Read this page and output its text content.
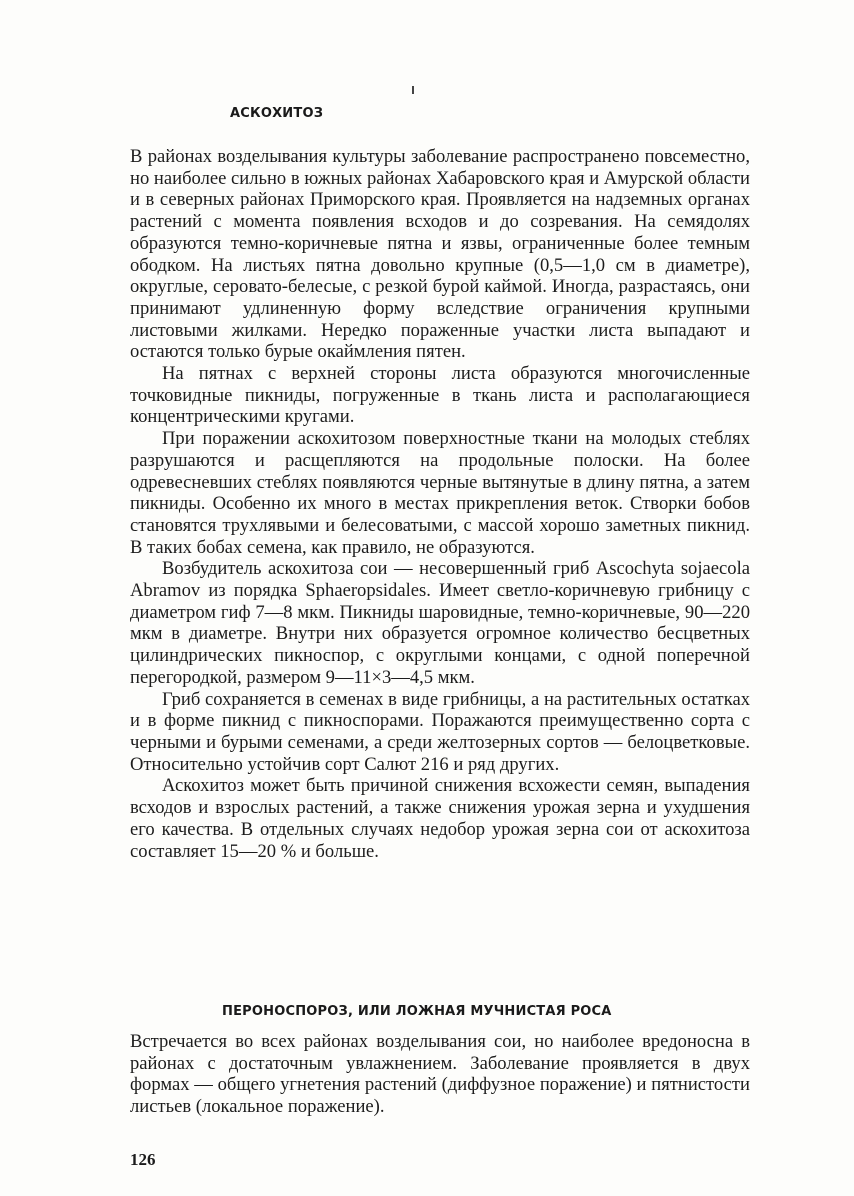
АСКОХИТОЗ

В районах возделывания культуры заболевание распространено повсеместно, но наиболее сильно в южных районах Хабаровского края и Амурской области и в северных районах Приморского края. Проявляется на надземных органах растений с момента появления всходов и до созревания. На семядолях образуются темно-коричневые пятна и язвы, ограниченные более темным ободком. На листьях пятна довольно крупные (0,5—1,0 см в диаметре), округлые, серовато-белесые, с резкой бурой каймой. Иногда, разрастаясь, они принимают удлиненную форму вследствие ограничения крупными листовыми жилками. Нередко пораженные участки листа выпадают и остаются только бурые окаймления пятен.

На пятнах с верхней стороны листа образуются многочисленные точковидные пикниды, погруженные в ткань листа и располагающиеся концентрическими кругами.

При поражении аскохитозом поверхностные ткани на молодых стеблях разрушаются и расщепляются на продольные полоски. На более одревесневших стеблях появляются черные вытянутые в длину пятна, а затем пикниды. Особенно их много в местах прикрепления веток. Створки бобов становятся трухлявыми и белесоватыми, с массой хорошо заметных пикнид. В таких бобах семена, как правило, не образуются.

Возбудитель аскохитоза сои — несовершенный гриб Ascochyta sojaecola Abramov из порядка Sphaeropsidales. Имеет светло-коричневую грибницу с диаметром гиф 7—8 мкм. Пикниды шаровидные, темно-коричневые, 90—220 мкм в диаметре. Внутри них образуется огромное количество бесцветных цилиндрических пикноспор, с округлыми концами, с одной поперечной перегородкой, размером 9—11×3—4,5 мкм.

Гриб сохраняется в семенах в виде грибницы, а на растительных остатках и в форме пикнид с пикноспорами. Поражаются преимущественно сорта с черными и бурыми семенами, а среди желтозерных сортов — белоцветковые. Относительно устойчив сорт Салют 216 и ряд других.

Аскохитоз может быть причиной снижения всхожести семян, выпадения всходов и взрослых растений, а также снижения урожая зерна и ухудшения его качества. В отдельных случаях недобор урожая зерна сои от аскохитоза составляет 15—20 % и больше.

ПЕРОНОСПОРОЗ, ИЛИ ЛОЖНАЯ МУЧНИСТАЯ РОСА

Встречается во всех районах возделывания сои, но наиболее вредоносна в районах с достаточным увлажнением. Заболевание проявляется в двух формах — общего угнетения растений (диффузное поражение) и пятнистости листьев (локальное поражение).

126
